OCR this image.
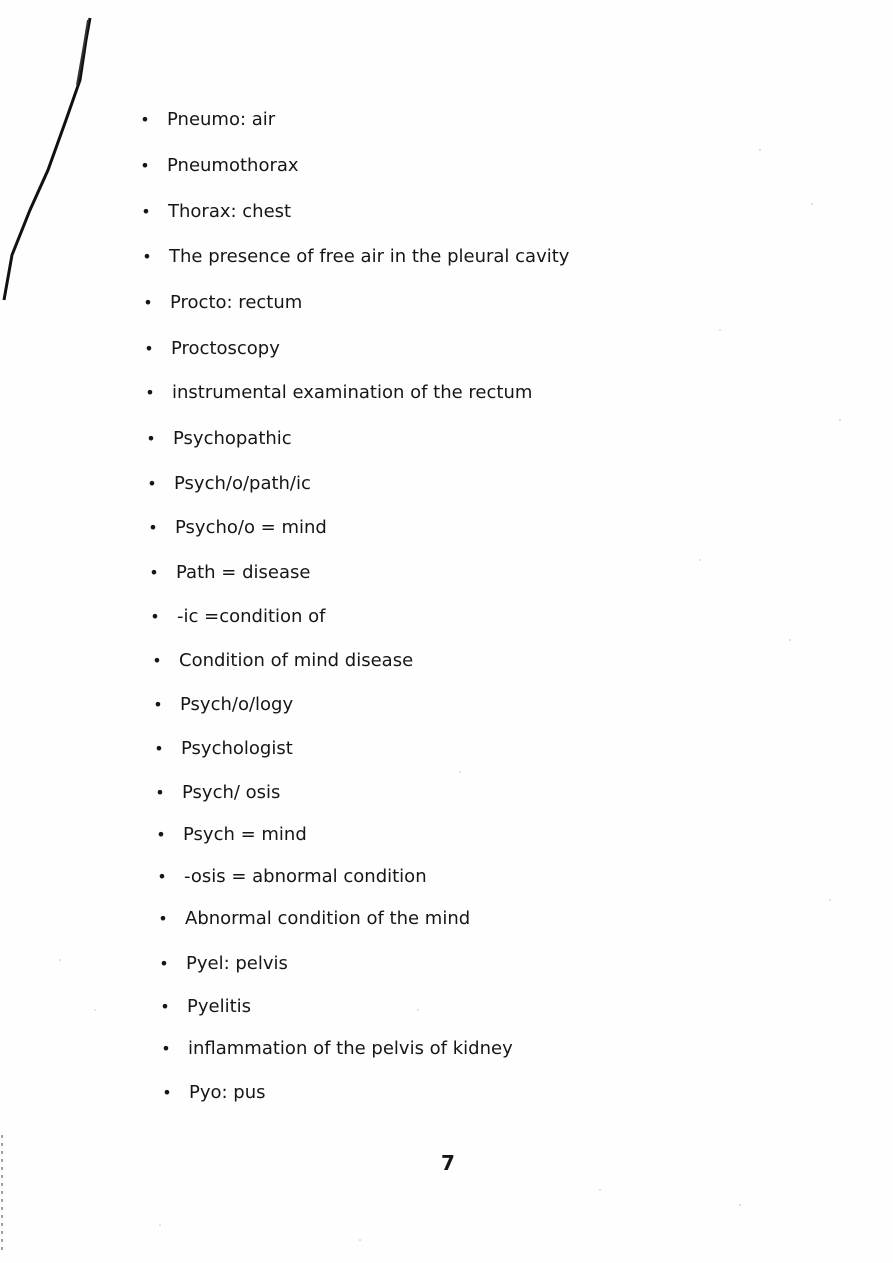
• Pneumo: air
• Pneumothorax
• Thorax: chest
• The presence of free air in the pleural cavity
• Procto: rectum
• Proctoscopy
• instrumental examination of the rectum
• Psychopathic
• Psych/o/path/ic
• Psycho/o = mind
• Path = disease
• -ic =condition of
• Condition of mind disease
• Psych/o/logy
• Psychologist
• Psych/ osis
• Psych = mind
• -osis = abnormal condition
• Abnormal condition of the mind
• Pyel: pelvis
• Pyelitis
• inflammation of the pelvis of kidney
• Pyo: pus
7
